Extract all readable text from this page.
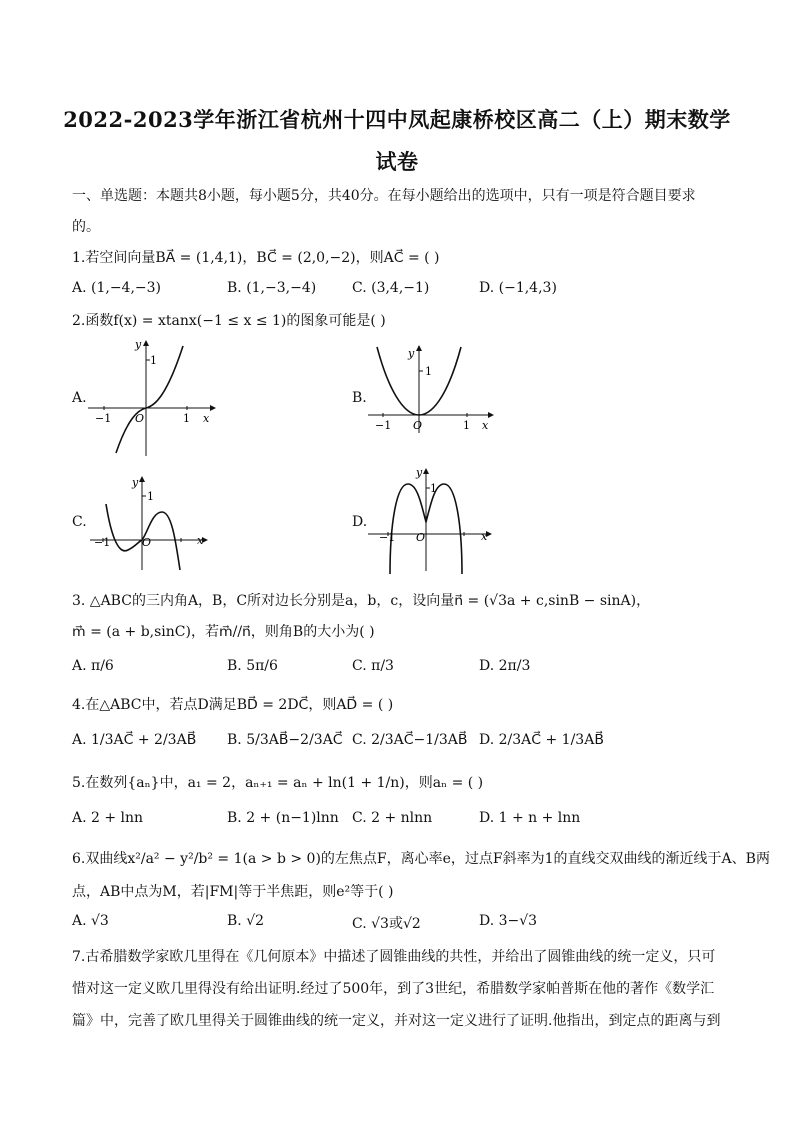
2022-2023学年浙江省杭州十四中凤起康桥校区高二（上）期末数学
试卷
一、单选题：本题共8小题，每小题5分，共40分。在每小题给出的选项中，只有一项是符合题目要求
的。
1.若空间向量BA⃗ = (1,4,1)，BC⃗ = (2,0,−2)，则AC⃗ = ( )
A. (1,−4,−3)	B. (1,−3,−4)	C. (3,4,−1)	D. (−1,4,3)
2.函数f(x) = xtanx(−1 ≤ x ≤ 1)的图象可能是( )
A.
y
x
1
−1	1
O
B.
y
x
1
−1	1
O
C.
y
x
1
−1	O
D.
y
x
1
−1 O
3. △ABC的三内角A，B，C所对边长分别是a，b，c，设向量n⃗ = (√3a + c,sinB − sinA)，
m⃗ = (a + b,sinC)，若m⃗//n⃗，则角B的大小为( )
A. π/6	B. 5π/6	C. π/3	D. 2π/3
4.在△ABC中，若点D满足BD⃗ = 2DC⃗，则AD⃗ = ( )
A. 1/3AC⃗ + 2/3AB⃗ B. 5/3AB⃗−2/3AC⃗ C. 2/3AC⃗−1/3AB⃗ D. 2/3AC⃗ + 1/3AB⃗
5.在数列{aₙ}中，a₁ = 2，aₙ₊₁ = aₙ + ln(1 + 1/n)，则aₙ = ( )
A. 2 + lnn	B. 2 + (n−1)lnn C. 2 + nlnn	D. 1 + n + lnn
6.双曲线x²/a² − y²/b² = 1(a > b > 0)的左焦点F，离心率e，过点F斜率为1的直线交双曲线的渐近线于A、B两
点，AB中点为M，若|FM|等于半焦距，则e²等于( )
A. √3	B. √2	C. √3或√2	D. 3−√3
7.古希腊数学家欧几里得在《几何原本》中描述了圆锥曲线的共性，并给出了圆锥曲线的统一定义，只可
惜对这一定义欧几里得没有给出证明.经过了500年，到了3世纪，希腊数学家帕普斯在他的著作《数学汇
篇》中，完善了欧几里得关于圆锥曲线的统一定义，并对这一定义进行了证明.他指出，到定点的距离与到
